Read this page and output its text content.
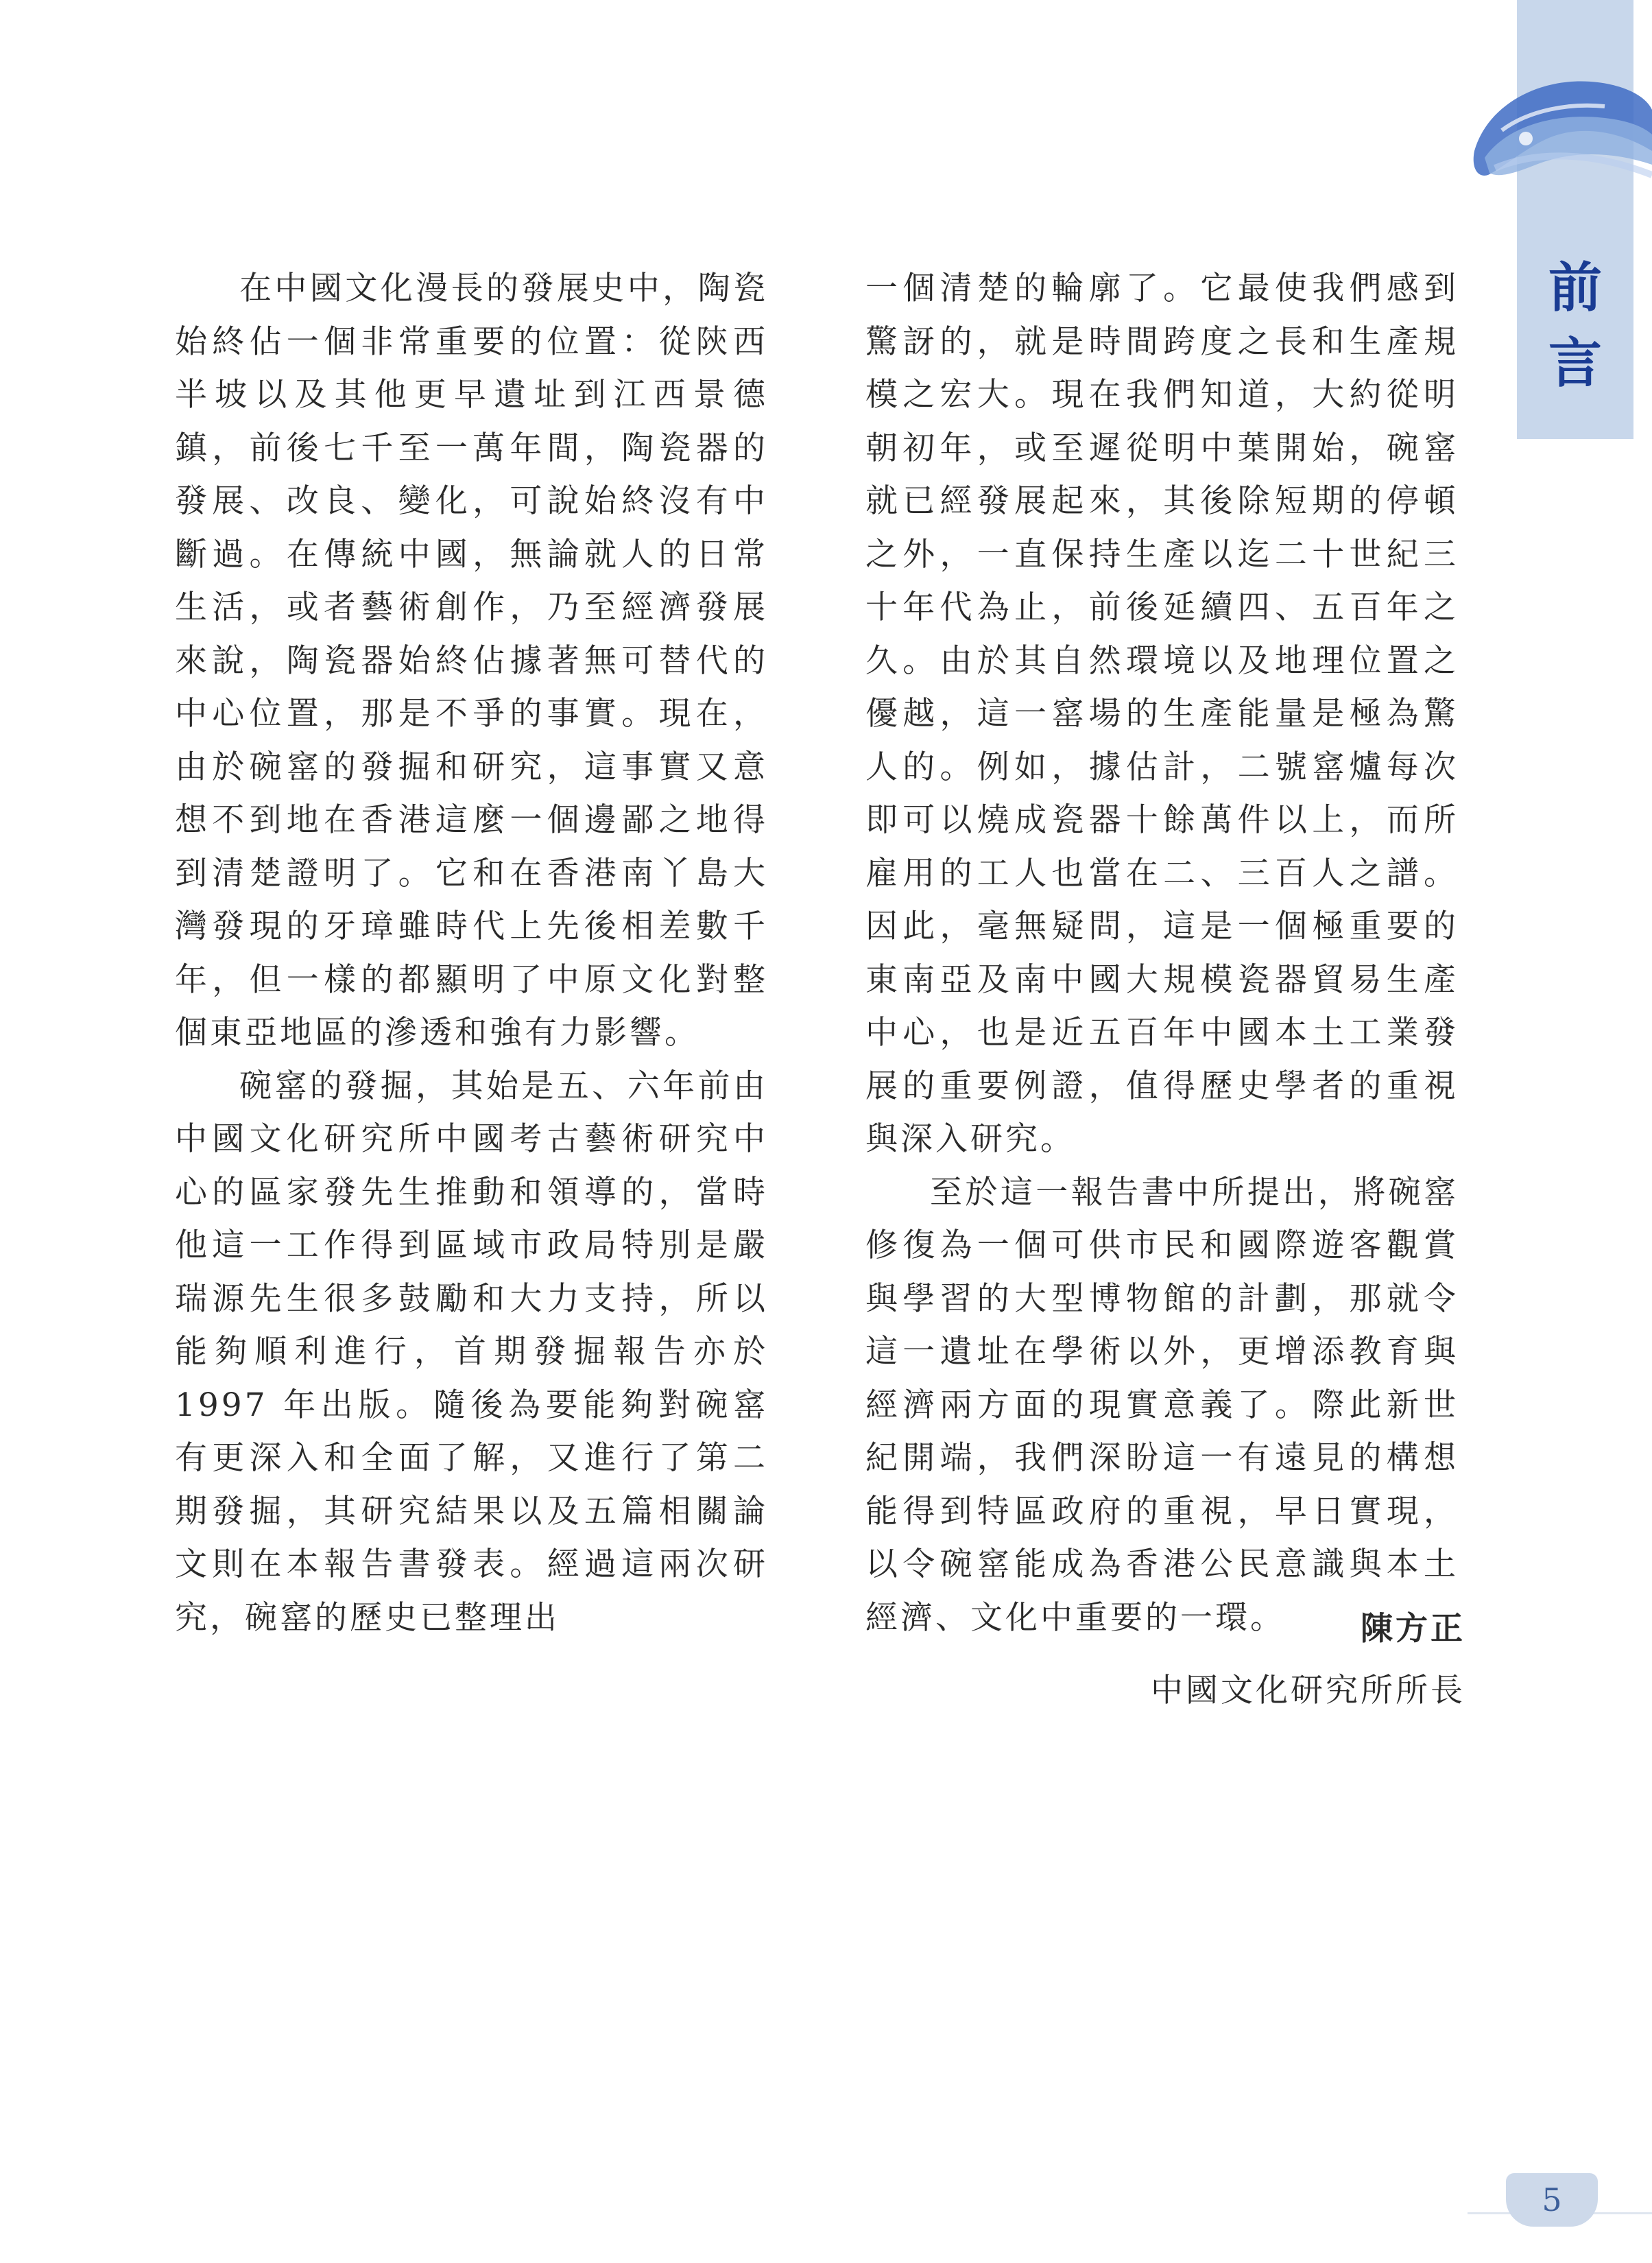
前
言

在中國文化漫長的發展史中，陶瓷始終佔一個非常重要的位置：從陝西半坡以及其他更早遺址到江西景德鎮，前後七千至一萬年間，陶瓷器的發展、改良、變化，可說始終沒有中斷過。在傳統中國，無論就人的日常生活，或者藝術創作，乃至經濟發展來說，陶瓷器始終佔據著無可替代的中心位置，那是不爭的事實。現在，由於碗窰的發掘和研究，這事實又意想不到地在香港這麼一個邊鄙之地得到清楚證明了。它和在香港南丫島大灣發現的牙璋雖時代上先後相差數千年，但一樣的都顯明了中原文化對整個東亞地區的滲透和強有力影響。

碗窰的發掘，其始是五、六年前由中國文化研究所中國考古藝術研究中心的區家發先生推動和領導的，當時他這一工作得到區域市政局特別是嚴瑞源先生很多鼓勵和大力支持，所以能夠順利進行，首期發掘報告亦於 1997 年出版。隨後為要能夠對碗窰有更深入和全面了解，又進行了第二期發掘，其研究結果以及五篇相關論文則在本報告書發表。經過這兩次研究，碗窰的歷史已整理出

一個清楚的輪廓了。它最使我們感到驚訝的，就是時間跨度之長和生產規模之宏大。現在我們知道，大約從明朝初年，或至遲從明中葉開始，碗窰就已經發展起來，其後除短期的停頓之外，一直保持生產以迄二十世紀三十年代為止，前後延續四、五百年之久。由於其自然環境以及地理位置之優越，這一窰場的生產能量是極為驚人的。例如，據估計，二號窰爐每次即可以燒成瓷器十餘萬件以上，而所雇用的工人也當在二、三百人之譜。因此，毫無疑問，這是一個極重要的東南亞及南中國大規模瓷器貿易生產中心，也是近五百年中國本土工業發展的重要例證，值得歷史學者的重視與深入研究。

至於這一報告書中所提出，將碗窰修復為一個可供市民和國際遊客觀賞與學習的大型博物館的計劃，那就令這一遺址在學術以外，更增添教育與經濟兩方面的現實意義了。際此新世紀開端，我們深盼這一有遠見的構想能得到特區政府的重視，早日實現，以令碗窰能成為香港公民意識與本土經濟、文化中重要的一環。	陳方正
中國文化研究所所長
5
